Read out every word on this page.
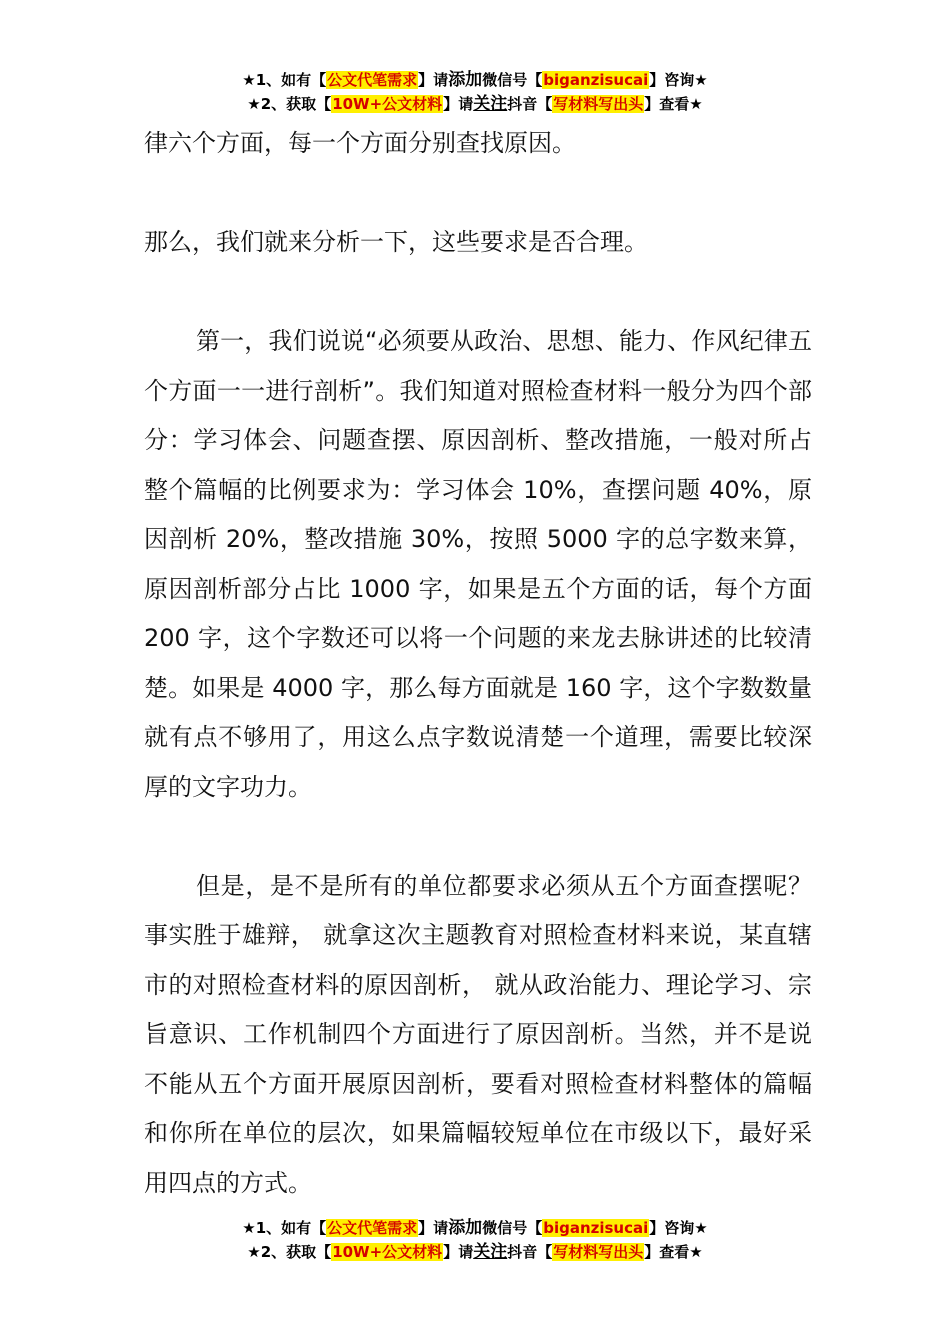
★1、如有【公文代笔需求】请添加微信号【biganzisucai】咨询★
★2、获取【10W+公文材料】请关注抖音【写材料写出头】查看★

律六个方面，每一个方面分别查找原因。

那么，我们就来分析一下，这些要求是否合理。

第一，我们说说“必须要从政治、思想、能力、作风纪律五个方面一一进行剖析”。我们知道对照检查材料一般分为四个部分：学习体会、问题查摆、原因剖析、整改措施，一般对所占整个篇幅的比例要求为：学习体会 10%，查摆问题 40%，原因剖析 20%，整改措施 30%，按照 5000 字的总字数来算，原因剖析部分占比 1000 字，如果是五个方面的话，每个方面 200 字，这个字数还可以将一个问题的来龙去脉讲述的比较清楚。如果是 4000 字，那么每方面就是 160 字，这个字数数量就有点不够用了，用这么点字数说清楚一个道理，需要比较深厚的文字功力。

但是，是不是所有的单位都要求必须从五个方面查摆呢？事实胜于雄辩， 就拿这次主题教育对照检查材料来说，某直辖市的对照检查材料的原因剖析， 就从政治能力、理论学习、宗旨意识、工作机制四个方面进行了原因剖析。当然，并不是说不能从五个方面开展原因剖析，要看对照检查材料整体的篇幅和你所在单位的层次，如果篇幅较短单位在市级以下，最好采用四点的方式。

★1、如有【公文代笔需求】请添加微信号【biganzisucai】咨询★
★2、获取【10W+公文材料】请关注抖音【写材料写出头】查看★
